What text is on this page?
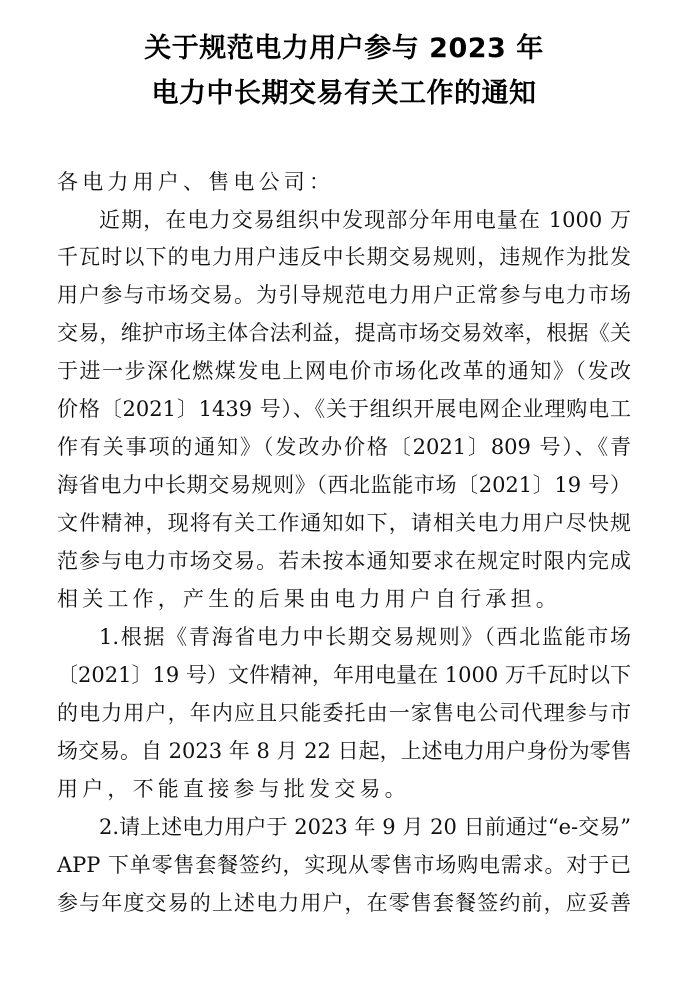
关于规范电力用户参与 2023 年
电力中长期交易有关工作的通知
各电力用户、售电公司：
近期，在电力交易组织中发现部分年用电量在 1000 万
千瓦时以下的电力用户违反中长期交易规则，违规作为批发
用户参与市场交易。为引导规范电力用户正常参与电力市场
交易，维护市场主体合法利益，提高市场交易效率，根据《关
于进一步深化燃煤发电上网电价市场化改革的通知》（发改
价格〔2021〕1439 号）、《关于组织开展电网企业理购电工
作有关事项的通知》（发改办价格〔2021〕809 号）、《青
海省电力中长期交易规则》（西北监能市场〔2021〕19 号）
文件精神，现将有关工作通知如下，请相关电力用户尽快规
范参与电力市场交易。若未按本通知要求在规定时限内完成
相关工作，产生的后果由电力用户自行承担。
1.根据《青海省电力中长期交易规则》（西北监能市场
〔2021〕19 号）文件精神，年用电量在 1000 万千瓦时以下
的电力用户，年内应且只能委托由一家售电公司代理参与市
场交易。自 2023 年 8 月 22 日起，上述电力用户身份为零售
用户，不能直接参与批发交易。
2.请上述电力用户于 2023 年 9 月 20 日前通过“e-交易”
APP 下单零售套餐签约，实现从零售市场购电需求。对于已
参与年度交易的上述电力用户，在零售套餐签约前，应妥善
